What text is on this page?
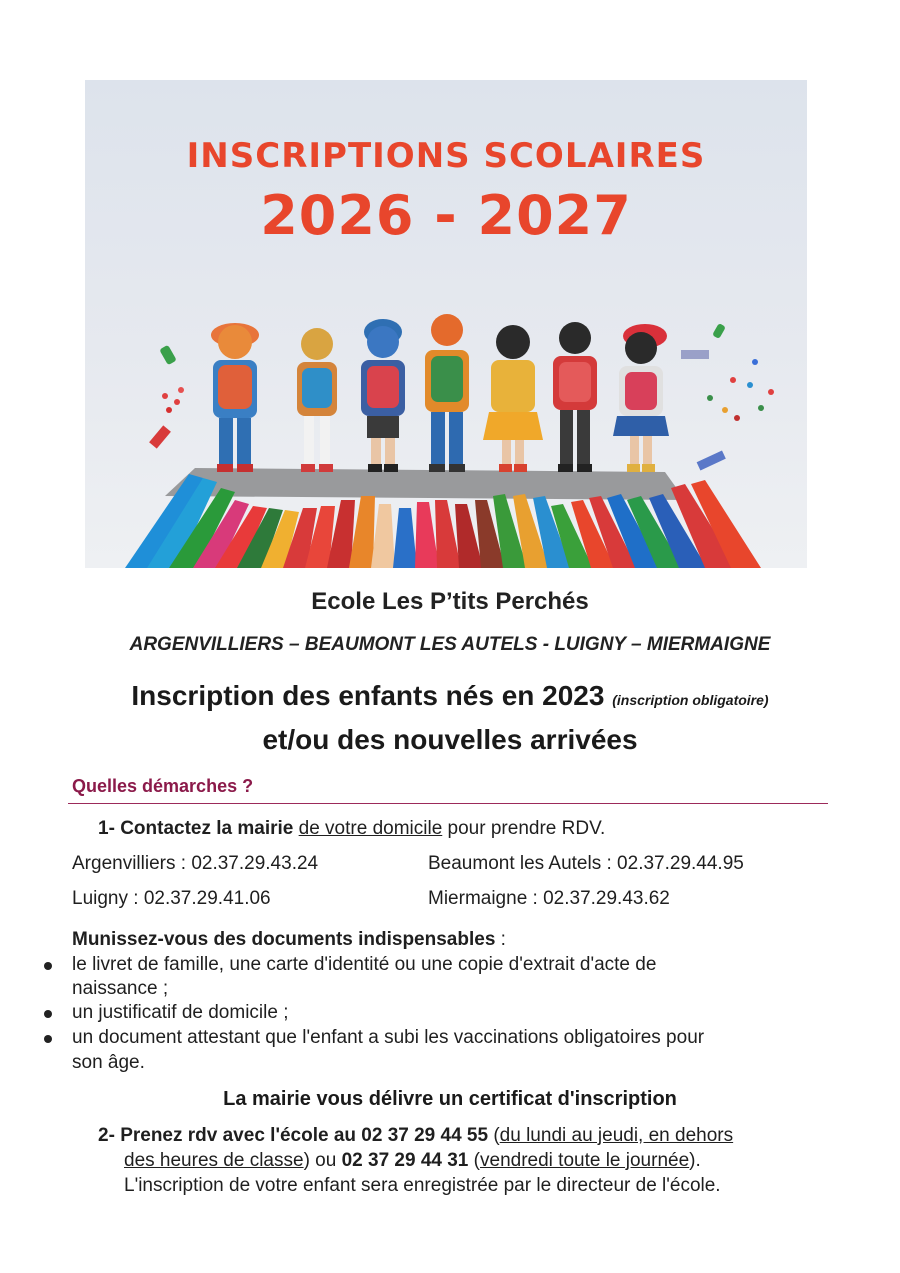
INSCRIPTIONS SCOLAIRES
2026 - 2027
Ecole Les P’tits Perchés
ARGENVILLIERS – BEAUMONT LES AUTELS - LUIGNY – MIERMAIGNE
Inscription des enfants nés en 2023 (inscription obligatoire)
et/ou des nouvelles arrivées
Quelles démarches ?
1- Contactez la mairie de votre domicile pour prendre RDV.
Argenvilliers : 02.37.29.43.24	Beaumont les Autels : 02.37.29.44.95
Luigny : 02.37.29.41.06	Miermaigne : 02.37.29.43.62
Munissez-vous des documents indispensables :
le livret de famille, une carte d'identité ou une copie d'extrait d'acte de
naissance ;
un justificatif de domicile ;
un document attestant que l'enfant a subi les vaccinations obligatoires pour
son âge.
La mairie vous délivre un certificat d'inscription
2- Prenez rdv avec l'école au 02 37 29 44 55 (du lundi au jeudi, en dehors
des heures de classe) ou 02 37 29 44 31 (vendredi toute le journée).
L'inscription de votre enfant sera enregistrée par le directeur de l'école.
